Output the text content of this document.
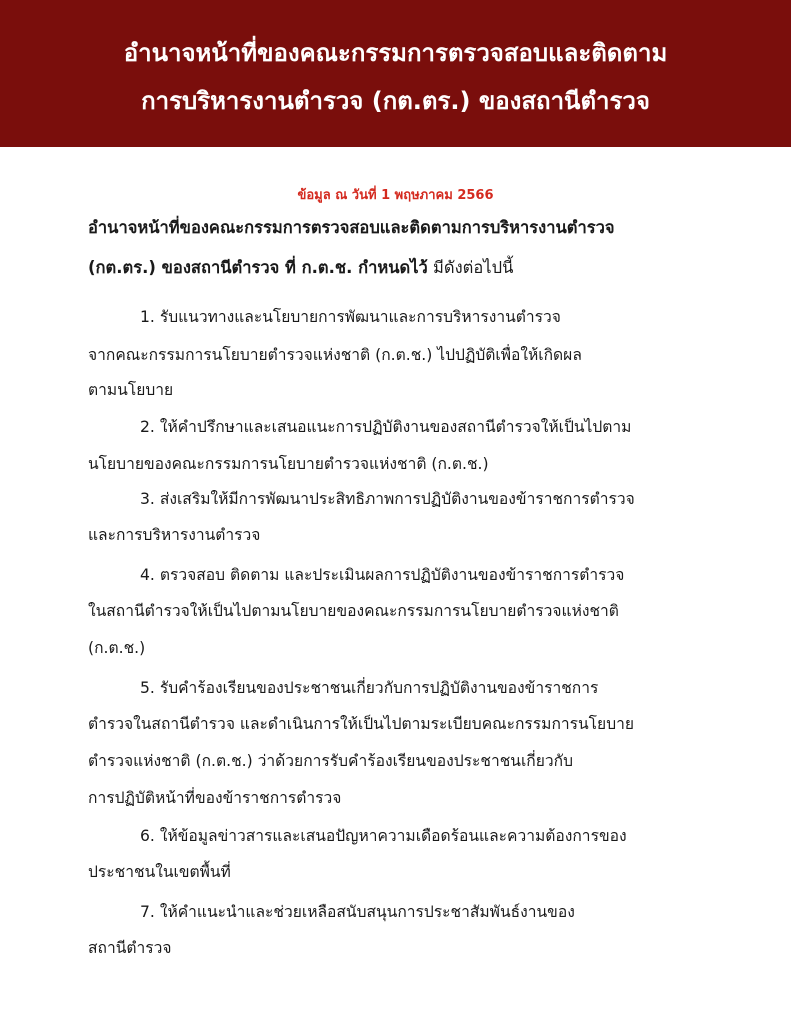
อำนาจหน้าที่ของคณะกรรมการตรวจสอบและติดตาม
การบริหารงานตำรวจ (กต.ตร.) ของสถานีตำรวจ
ข้อมูล ณ วันที่ 1 พฤษภาคม 2566
อำนาจหน้าที่ของคณะกรรมการตรวจสอบและติดตามการบริหารงานตำรวจ
(กต.ตร.) ของสถานีตำรวจ ที่ ก.ต.ช. กำหนดไว้ มีดังต่อไปนี้
1. รับแนวทางและนโยบายการพัฒนาและการบริหารงานตำรวจ
จากคณะกรรมการนโยบายตำรวจแห่งชาติ (ก.ต.ช.) ไปปฏิบัติเพื่อให้เกิดผล
ตามนโยบาย
2. ให้คำปรึกษาและเสนอแนะการปฏิบัติงานของสถานีตำรวจให้เป็นไปตาม
นโยบายของคณะกรรมการนโยบายตำรวจแห่งชาติ (ก.ต.ช.)
3. ส่งเสริมให้มีการพัฒนาประสิทธิภาพการปฏิบัติงานของข้าราชการตำรวจ
และการบริหารงานตำรวจ
4. ตรวจสอบ ติดตาม และประเมินผลการปฏิบัติงานของข้าราชการตำรวจ
ในสถานีตำรวจให้เป็นไปตามนโยบายของคณะกรรมการนโยบายตำรวจแห่งชาติ
(ก.ต.ช.)
5. รับคำร้องเรียนของประชาชนเกี่ยวกับการปฏิบัติงานของข้าราชการ
ตำรวจในสถานีตำรวจ และดำเนินการให้เป็นไปตามระเบียบคณะกรรมการนโยบาย
ตำรวจแห่งชาติ (ก.ต.ช.) ว่าด้วยการรับคำร้องเรียนของประชาชนเกี่ยวกับ
การปฏิบัติหน้าที่ของข้าราชการตำรวจ
6. ให้ข้อมูลข่าวสารและเสนอปัญหาความเดือดร้อนและความต้องการของ
ประชาชนในเขตพื้นที่
7. ให้คำแนะนำและช่วยเหลือสนับสนุนการประชาสัมพันธ์งานของ
สถานีตำรวจ
